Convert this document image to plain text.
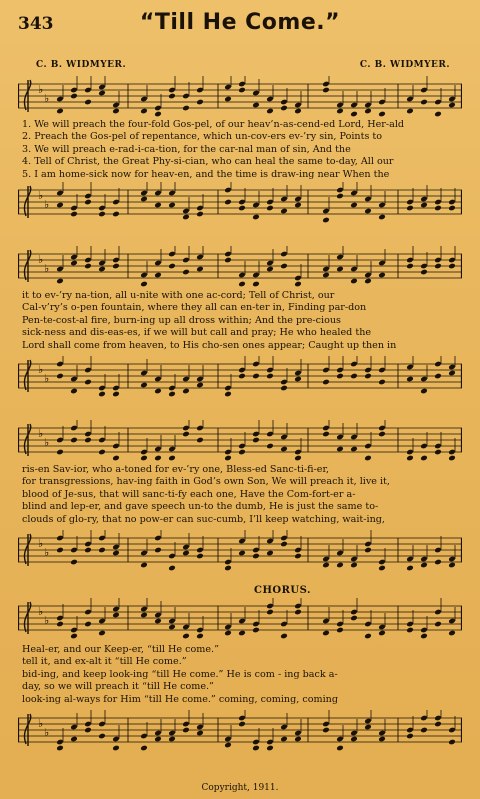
343	“Till He Come.”
C. B. WIDMYER.	C. B. WIDMYER.
♭
♭
1. We will preach the four-fold Gos-pel, of our heav’n-as-cend-ed Lord, Her-ald
2. Preach the Gos-pel of repentance, which un-cov-ers ev-’ry sin, Points to
3. We will preach e-rad-i-ca-tion, for the car-nal man of sin, And the
4. Tell of Christ, the Great Phy-si-cian, who can heal the same to-day, All our
5. I am home-sick now for heav-en, and the time is draw-ing near When the
♭
♭
♭
♭
it to ev-’ry na-tion, all u-nite with one ac-cord; Tell of Christ, our
Cal-v’ry’s o-pen fountain, where they all can en-ter in, Finding par-don
Pen-te-cost-al fire, burn-ing up all dross within; And the pre-cious
sick-ness and dis-eas-es, if we will but call and pray; He who healed the
Lord shall come from heaven, to His cho-sen ones appear; Caught up then in
♭
♭
♭
♭
ris-en Sav-ior, who a-toned for ev-’ry one, Bless-ed Sanc-ti-fi-er,
for transgressions, hav-ing faith in God’s own Son, We will preach it, live it,
blood of Je-sus, that will sanc-ti-fy each one, Have the Com-fort-er a-
blind and lep-er, and gave speech un-to the dumb, He is just the same to-
clouds of glo-ry, that no pow-er can suc-cumb, I’ll keep watching, wait-ing,
♭
♭
CHORUS.
♭
♭
Heal-er, and our Keep-er, “till He come.”
tell it, and ex-alt it “till He come.”
bid-ing, and keep look-ing “till He come.” He is com - ing back a-
day, so we will preach it “till He come.”
look-ing al-ways for Him “till He come.” coming, coming, coming
♭
♭
Copyright, 1911.
